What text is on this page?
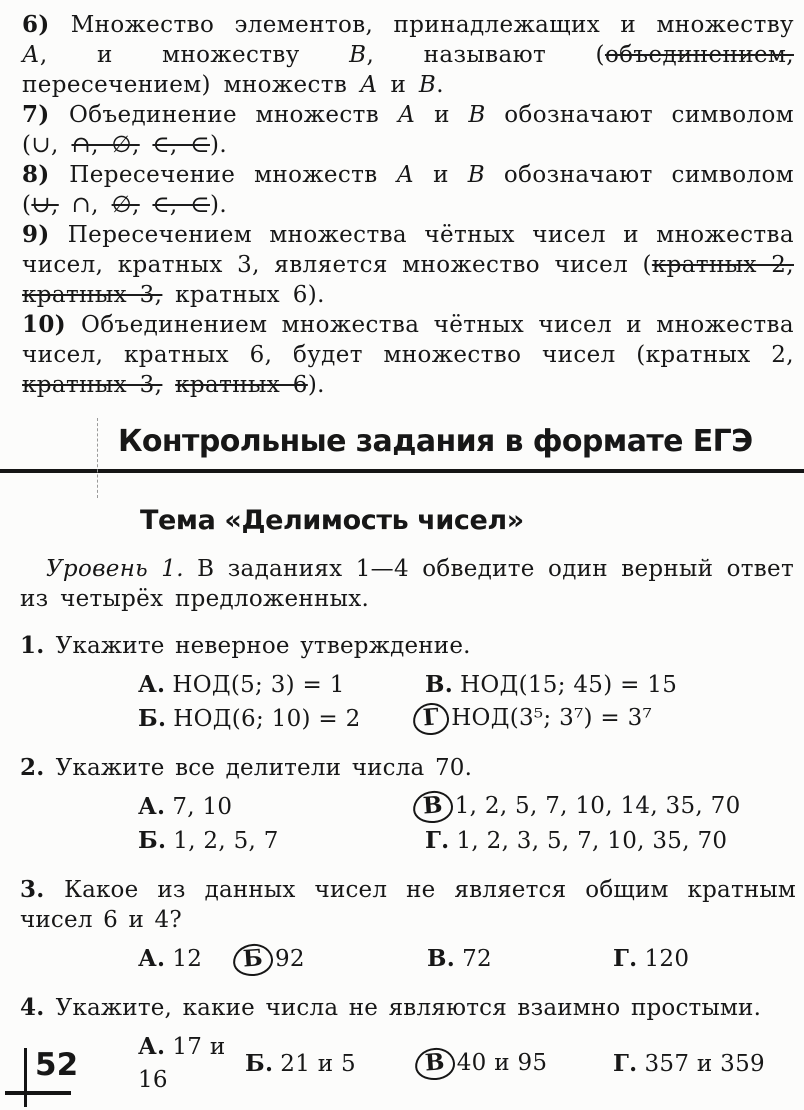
6) Множество элементов, принадлежащих и множеству А, и множеству В, называют (объединением, пересечением) множеств А и В.

7) Объединение множеств А и В обозначают символом (∪, ∩, ∅, ∈, ⊂).

8) Пересечение множеств А и В обозначают символом (∪, ∩, ∅, ∈, ⊂).

9) Пересечением множества чётных чисел и множества чисел, кратных 3, является множество чисел (кратных 2, кратных 3, кратных 6).

10) Объединением множества чётных чисел и множества чисел, кратных 6, будет множество чисел (кратных 2, кратных 3, кратных 6).

Контрольные задания в формате ЕГЭ
Тема «Делимость чисел»

Уровень 1. В заданиях 1—4 обведите один верный ответ из четырёх предложенных.

1. Укажите неверное утверждение.

А. НОД(5; 3) = 1
Б. НОД(6; 10) = 2
В. НОД(15; 45) = 15
Г НОД(3⁵; 3⁷) = 3⁷

2. Укажите все делители числа 70.

А. 7, 10
Б. 1, 2, 5, 7
В 1, 2, 5, 7, 10, 14, 35, 70
Г. 1, 2, 3, 5, 7, 10, 35, 70

3. Какое из данных чисел не является общим кратным чисел 6 и 4?

А. 12	Б 92	В. 72	Г. 120

4. Укажите, какие числа не являются взаимно простыми.

А. 17 и 16
Б. 21 и 5	В 40 и 95	Г. 357 и 359
52
